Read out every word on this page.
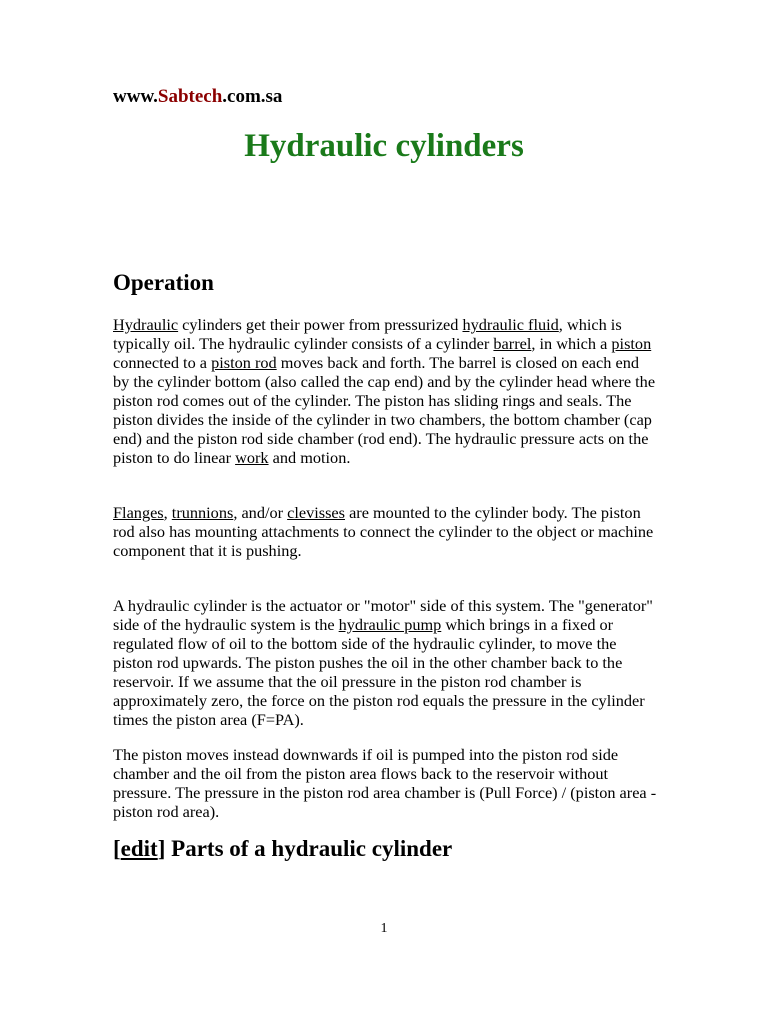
www.Sabtech.com.sa

Hydraulic cylinders
Operation

Hydraulic cylinders get their power from pressurized hydraulic fluid, which is typically oil. The hydraulic cylinder consists of a cylinder barrel, in which a piston connected to a piston rod moves back and forth. The barrel is closed on each end by the cylinder bottom (also called the cap end) and by the cylinder head where the piston rod comes out of the cylinder. The piston has sliding rings and seals. The piston divides the inside of the cylinder in two chambers, the bottom chamber (cap end) and the piston rod side chamber (rod end). The hydraulic pressure acts on the piston to do linear work and motion.

Flanges, trunnions, and/or clevisses are mounted to the cylinder body. The piston rod also has mounting attachments to connect the cylinder to the object or machine component that it is pushing.

A hydraulic cylinder is the actuator or "motor" side of this system. The "generator" side of the hydraulic system is the hydraulic pump which brings in a fixed or regulated flow of oil to the bottom side of the hydraulic cylinder, to move the piston rod upwards. The piston pushes the oil in the other chamber back to the reservoir. If we assume that the oil pressure in the piston rod chamber is approximately zero, the force on the piston rod equals the pressure in the cylinder times the piston area (F=PA).

The piston moves instead downwards if oil is pumped into the piston rod side chamber and the oil from the piston area flows back to the reservoir without pressure. The pressure in the piston rod area chamber is (Pull Force) / (piston area - piston rod area).

[edit] Parts of a hydraulic cylinder

1
